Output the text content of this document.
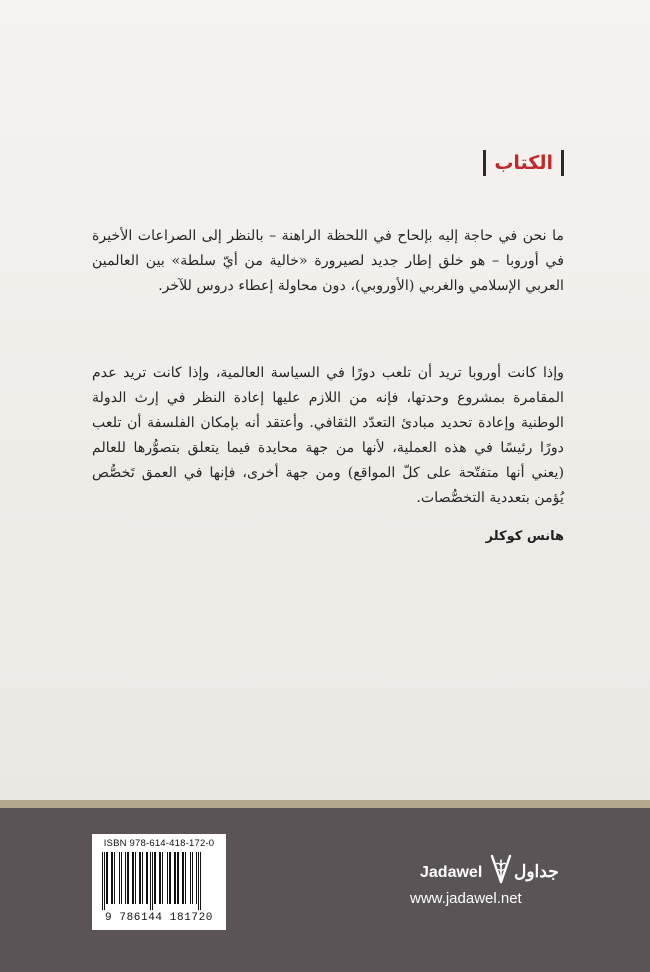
الكتاب

ما نحن في حاجة إليه بإلحاح في اللحظة الراهنة – بالنظر إلى الصراعات الأخيرة في أوروبا – هو خلق إطار جديد لصيرورة «خالية من أيّ سلطة» بين العالمين العربي الإسلامي والغربي (الأوروبي)، دون محاولة إعطاء دروس للآخر.

وإذا كانت أوروبا تريد أن تلعب دورًا في السياسة العالمية، وإذا كانت تريد عدم المقامرة بمشروع وحدتها، فإنه من اللازم عليها إعادة النظر في إرث الدولة الوطنية وإعادة تحديد مبادئ التعدّد الثقافي. وأعتقد أنه بإمكان الفلسفة أن تلعب دورًا رئيسًا في هذه العملية، لأنها من جهة محايدة فيما يتعلق بتصوُّرها للعالم (يعني أنها متفتّحة على كلّ المواقع) ومن جهة أخرى، فإنها في العمق تَخصُّص يُؤمن بتعددية التخصُّصات.

هانس كوكلر
ISBN 978-614-418-172-0
9 786144 181720
Jadawel جداول
www.jadawel.net
